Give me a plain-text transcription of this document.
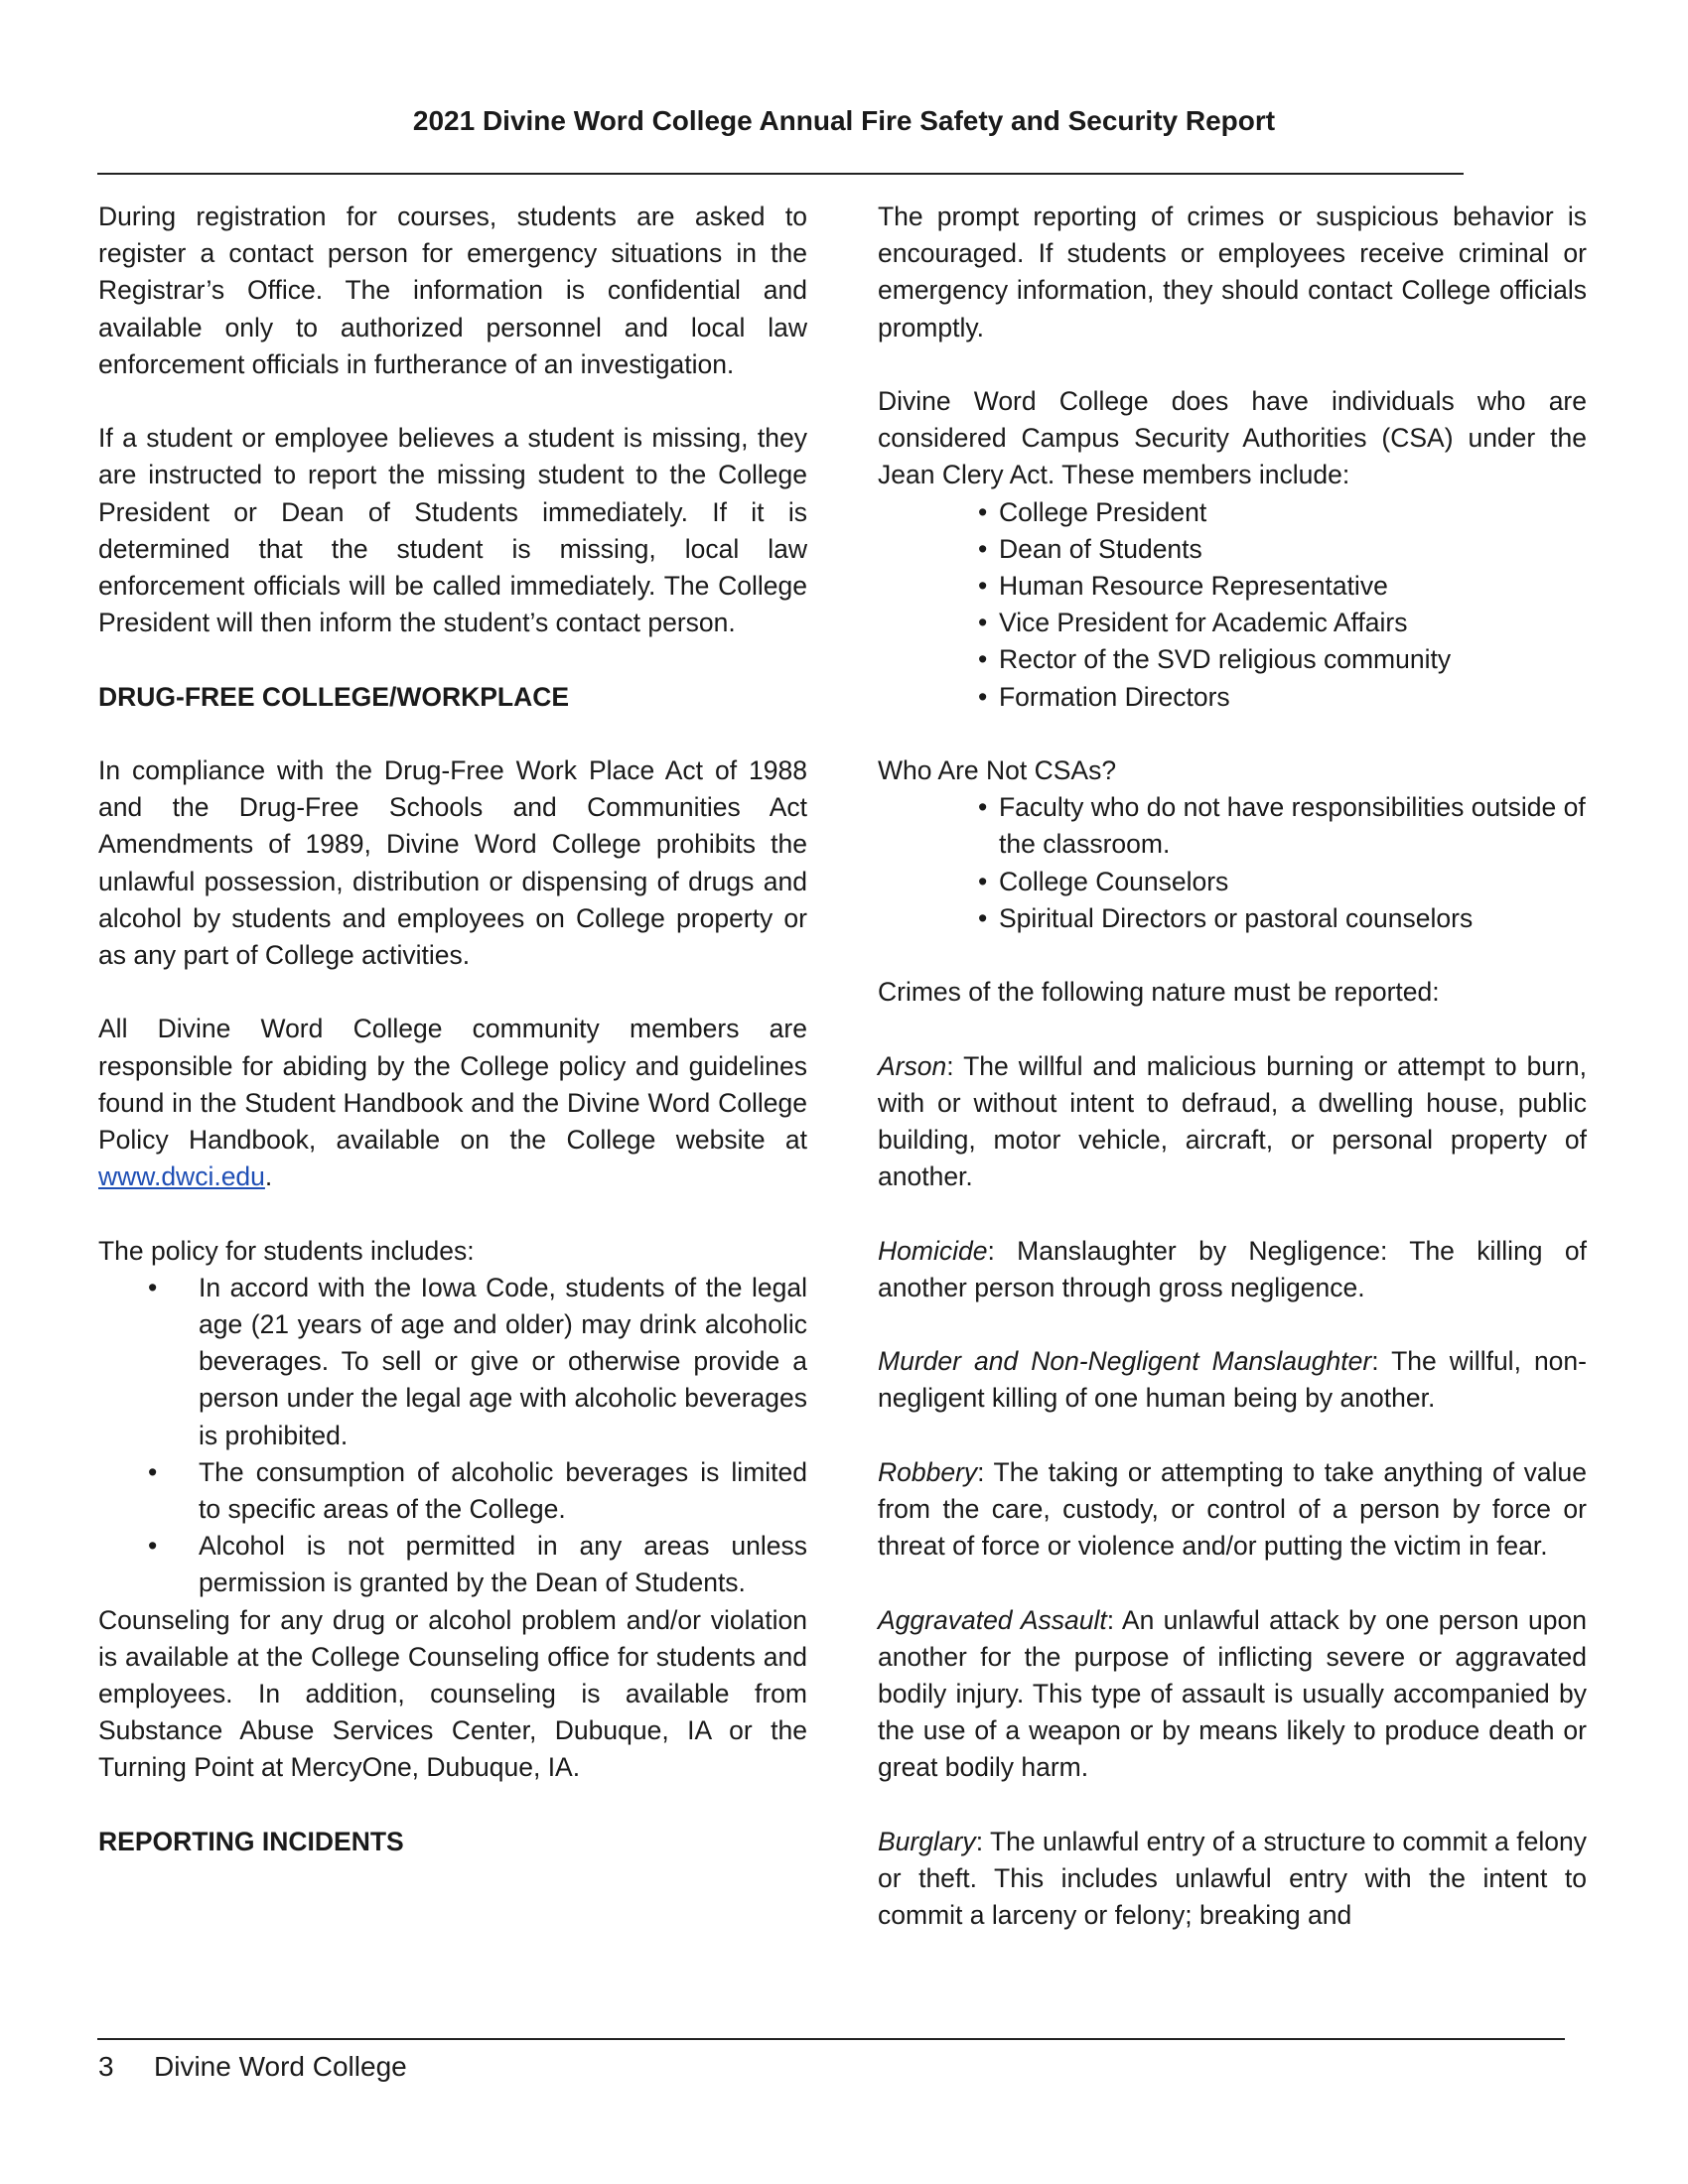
2021 Divine Word College Annual Fire Safety and Security Report

During registration for courses, students are asked to register a contact person for emergency situations in the Registrar’s Office. The information is confidential and available only to authorized personnel and local law enforcement officials in furtherance of an investigation.

If a student or employee believes a student is missing, they are instructed to report the missing student to the College President or Dean of Students immediately. If it is determined that the student is missing, local law enforcement officials will be called immediately. The College President will then inform the student’s contact person.

DRUG-FREE COLLEGE/WORKPLACE

In compliance with the Drug-Free Work Place Act of 1988 and the Drug-Free Schools and Communities Act Amendments of 1989, Divine Word College prohibits the unlawful possession, distribution or dispensing of drugs and alcohol by students and employees on College property or as any part of College activities.

All Divine Word College community members are responsible for abiding by the College policy and guidelines found in the Student Handbook and the Divine Word College Policy Handbook, available on the College website at www.dwci.edu.

The policy for students includes:

• In accord with the Iowa Code, students of the legal age (21 years of age and older) may drink alcoholic beverages. To sell or give or otherwise provide a person under the legal age with alcoholic beverages is prohibited.
• The consumption of alcoholic beverages is limited to specific areas of the College.
• Alcohol is not permitted in any areas unless permission is granted by the Dean of Students.

Counseling for any drug or alcohol problem and/or violation is available at the College Counseling office for students and employees. In addition, counseling is available from Substance Abuse Services Center, Dubuque, IA or the Turning Point at MercyOne, Dubuque, IA.

REPORTING INCIDENTS

The prompt reporting of crimes or suspicious behavior is encouraged. If students or employees receive criminal or emergency information, they should contact College officials promptly.

Divine Word College does have individuals who are considered Campus Security Authorities (CSA) under the Jean Clery Act. These members include:

• College President
• Dean of Students
• Human Resource Representative
• Vice President for Academic Affairs
• Rector of the SVD religious community
• Formation Directors

Who Are Not CSAs?

• Faculty who do not have responsibilities outside of the classroom.
• College Counselors
• Spiritual Directors or pastoral counselors

Crimes of the following nature must be reported:

Arson: The willful and malicious burning or attempt to burn, with or without intent to defraud, a dwelling house, public building, motor vehicle, aircraft, or personal property of another.

Homicide: Manslaughter by Negligence: The killing of another person through gross negligence.

Murder and Non-Negligent Manslaughter: The willful, non-negligent killing of one human being by another.

Robbery: The taking or attempting to take anything of value from the care, custody, or control of a person by force or threat of force or violence and/or putting the victim in fear.

Aggravated Assault: An unlawful attack by one person upon another for the purpose of inflicting severe or aggravated bodily injury. This type of assault is usually accompanied by the use of a weapon or by means likely to produce death or great bodily harm.

Burglary: The unlawful entry of a structure to commit a felony or theft. This includes unlawful entry with the intent to commit a larceny or felony; breaking and

3 Divine Word College
